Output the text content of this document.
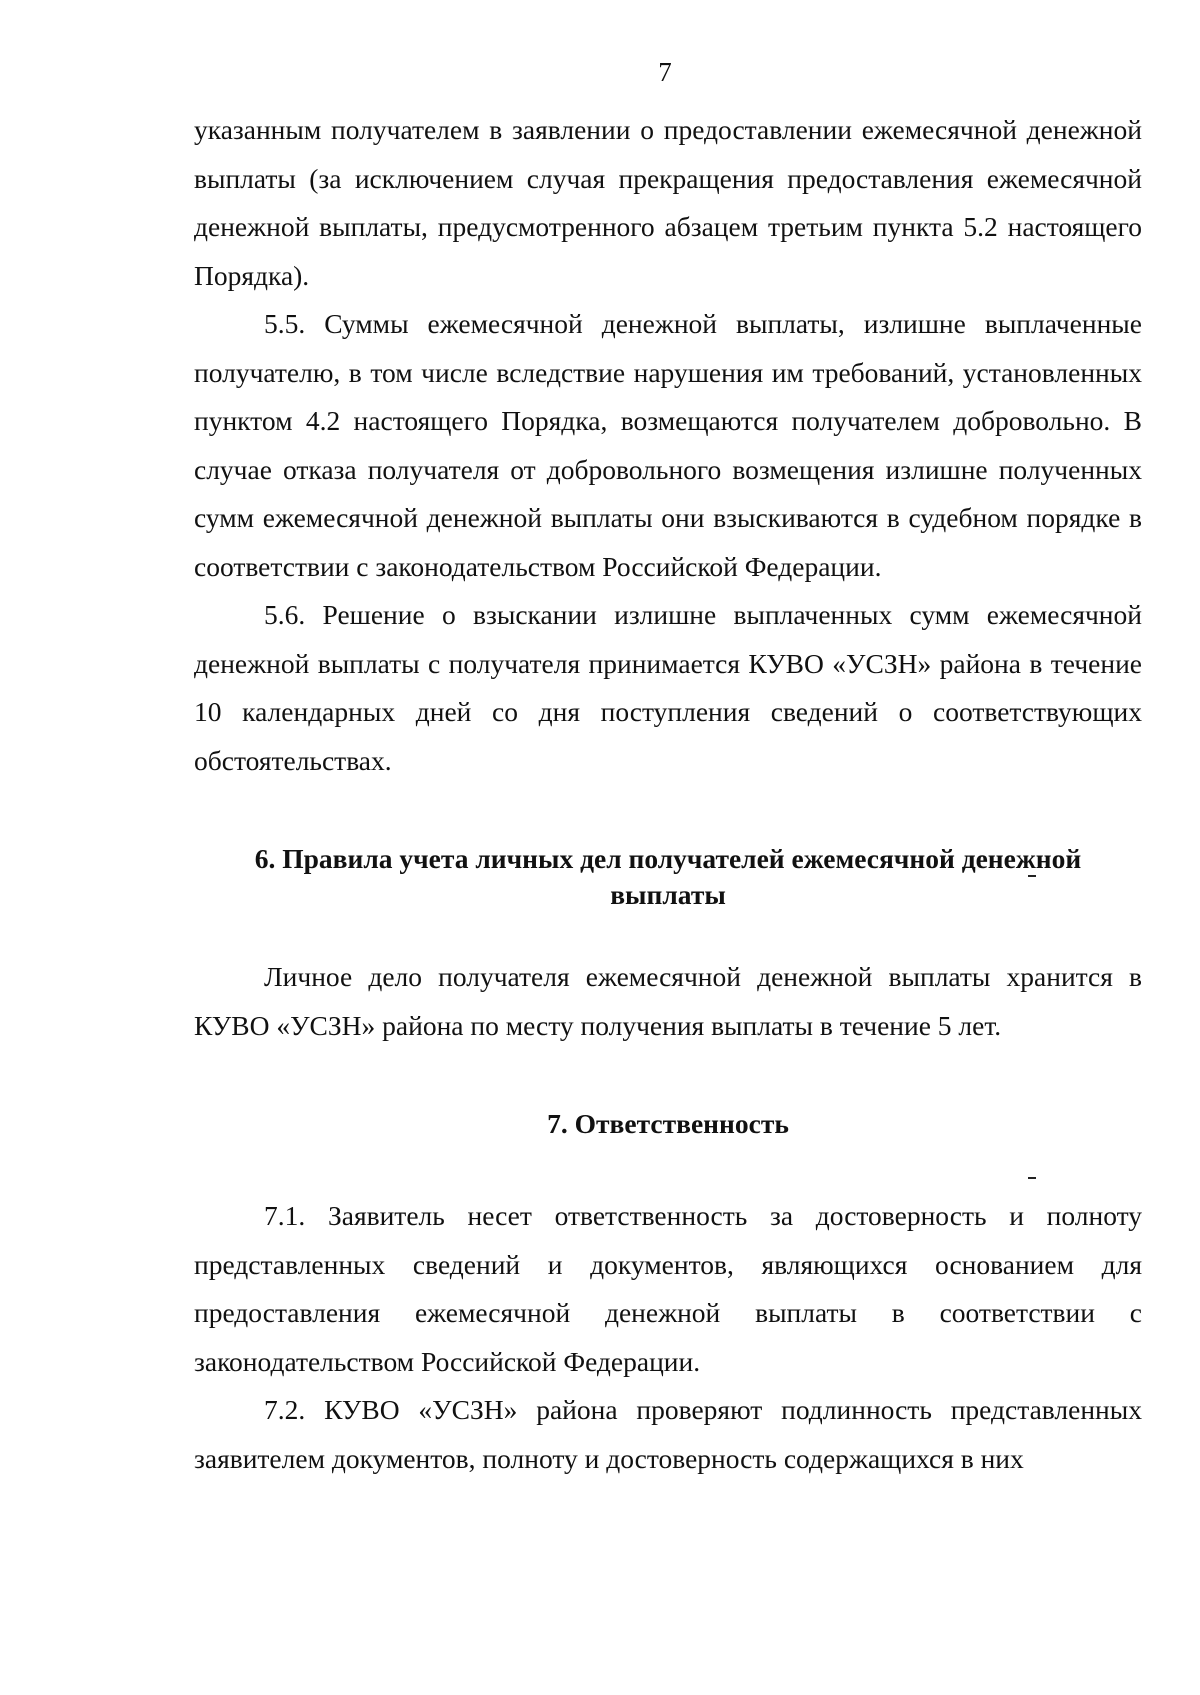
7

указанным получателем в заявлении о предоставлении ежемесячной денежной выплаты (за исключением случая прекращения предоставления ежемесячной денежной выплаты, предусмотренного абзацем третьим пункта 5.2 настоящего Порядка).

5.5. Суммы ежемесячной денежной выплаты, излишне выплаченные получателю, в том числе вследствие нарушения им требований, установленных пунктом 4.2 настоящего Порядка, возмещаются получателем добровольно. В случае отказа получателя от добровольного возмещения излишне полученных сумм ежемесячной денежной выплаты они взыскиваются в судебном порядке в соответствии с законодательством Российской Федерации.

5.6. Решение о взыскании излишне выплаченных сумм ежемесячной денежной выплаты с получателя принимается КУВО «УСЗН» района в течение 10 календарных дней со дня поступления сведений о соответствующих обстоятельствах.

6. Правила учета личных дел получателей ежемесячной денежной выплаты

Личное дело получателя ежемесячной денежной выплаты хранится в КУВО «УСЗН» района по месту получения выплаты в течение 5 лет.

7. Ответственность

7.1. Заявитель несет ответственность за достоверность и полноту представленных сведений и документов, являющихся основанием для предоставления ежемесячной денежной выплаты в соответствии с законодательством Российской Федерации.

7.2. КУВО «УСЗН» района проверяют подлинность представленных заявителем документов, полноту и достоверность содержащихся в них
